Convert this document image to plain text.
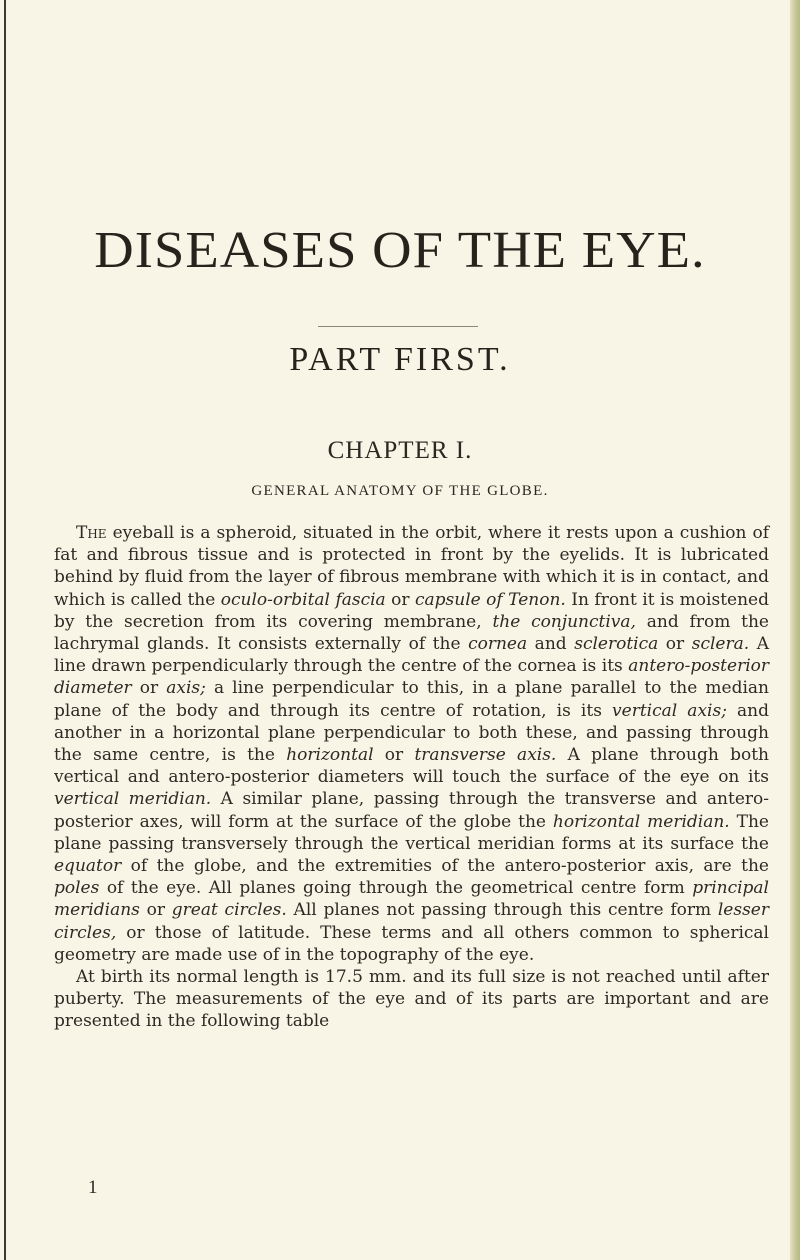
DISEASES OF THE EYE.
PART FIRST.
CHAPTER I.
GENERAL ANATOMY OF THE GLOBE.

The eyeball is a spheroid, situated in the orbit, where it rests upon a cushion of fat and fibrous tissue and is protected in front by the eyelids. It is lubricated behind by fluid from the layer of fibrous membrane with which it is in contact, and which is called the oculo-orbital fascia or capsule of Tenon. In front it is moistened by the secretion from its covering membrane, the conjunctiva, and from the lachrymal glands. It consists externally of the cornea and sclerotica or sclera. A line drawn perpendicularly through the centre of the cornea is its antero-posterior diameter or axis; a line perpendicular to this, in a plane parallel to the median plane of the body and through its centre of rotation, is its vertical axis; and another in a horizontal plane perpendicular to both these, and passing through the same centre, is the horizontal or transverse axis. A plane through both vertical and antero-posterior diameters will touch the surface of the eye on its vertical meridian. A similar plane, passing through the transverse and antero-posterior axes, will form at the surface of the globe the horizontal meridian. The plane passing transversely through the vertical meridian forms at its surface the equator of the globe, and the extremities of the antero-posterior axis, are the poles of the eye. All planes going through the geometrical centre form principal meridians or great circles. All planes not passing through this centre form lesser circles, or those of latitude. These terms and all others common to spherical geometry are made use of in the topography of the eye.
At birth its normal length is 17.5 mm. and its full size is not reached until after puberty. The measurements of the eye and of its parts are important and are presented in the following table

1
